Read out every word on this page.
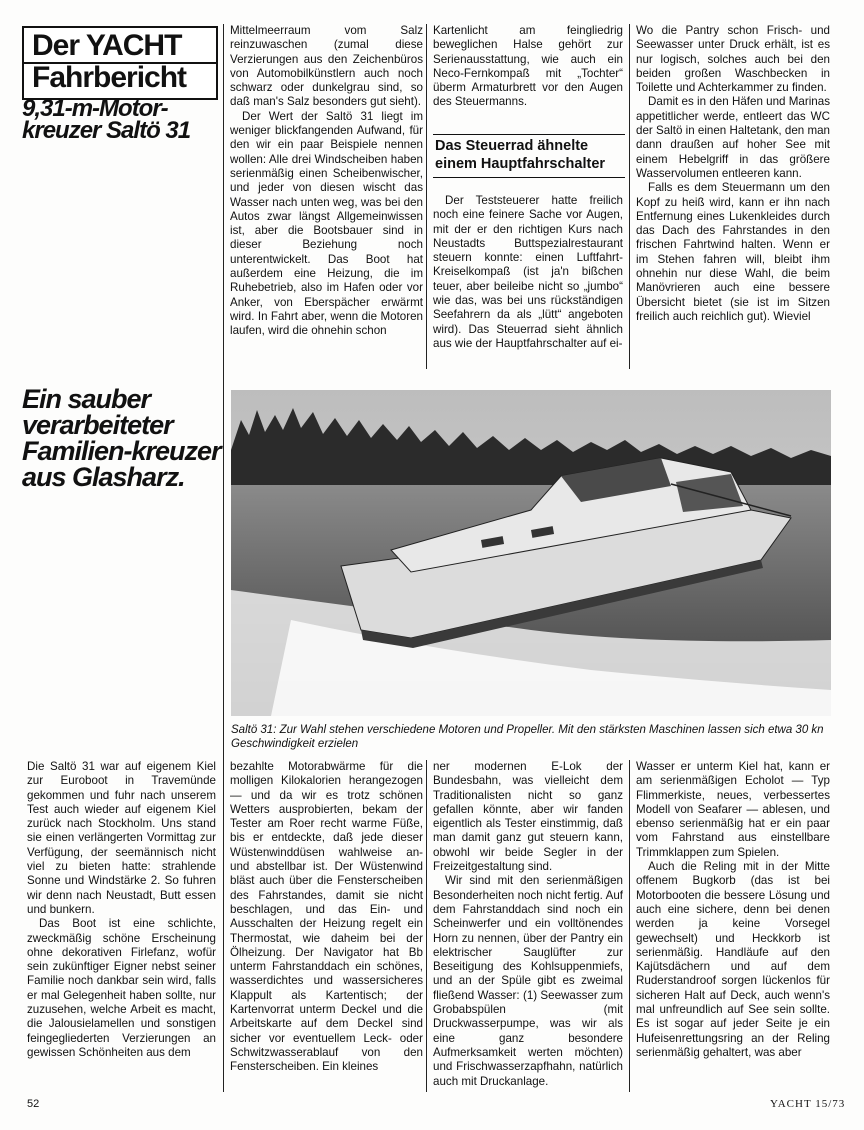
Der YACHT
Fahrbericht
9,31-m-Motor-kreuzer Saltö 31

Mittelmeerraum vom Salz reinzuwaschen (zumal diese Verzierungen aus den Zeichenbüros von Automobilkünstlern auch noch schwarz oder dunkelgrau sind, so daß man's Salz besonders gut sieht).

Der Wert der Saltö 31 liegt im weniger blickfangenden Aufwand, für den wir ein paar Beispiele nennen wollen: Alle drei Windscheiben haben serienmäßig einen Scheibenwischer, und jeder von diesen wischt das Wasser nach unten weg, was bei den Autos zwar längst Allgemeinwissen ist, aber die Bootsbauer sind in dieser Beziehung noch unterentwickelt. Das Boot hat außerdem eine Heizung, die im Ruhebetrieb, also im Hafen oder vor Anker, von Eberspächer erwärmt wird. In Fahrt aber, wenn die Motoren laufen, wird die ohnehin schon

Kartenlicht am feingliedrig beweglichen Halse gehört zur Serienausstattung, wie auch ein Neco-Fernkompaß mit „Tochter“ überm Armaturbrett vor den Augen des Steuermanns.

Das Steuerrad ähnelte einem Hauptfahrschalter

Der Teststeuerer hatte freilich noch eine feinere Sache vor Augen, mit der er den richtigen Kurs nach Neustadts Buttspezialrestaurant steuern konnte: einen Luftfahrt-Kreiselkompaß (ist ja'n bißchen teuer, aber beileibe nicht so „jumbo“ wie das, was bei uns rückständigen Seefahrern da als „lütt“ angeboten wird). Das Steuerrad sieht ähnlich aus wie der Hauptfahrschalter auf ei-

Wo die Pantry schon Frisch- und Seewasser unter Druck erhält, ist es nur logisch, solches auch bei den beiden großen Waschbecken in Toilette und Achterkammer zu finden.

Damit es in den Häfen und Marinas appetitlicher werde, entleert das WC der Saltö in einen Haltetank, den man dann draußen auf hoher See mit einem Hebelgriff in das größere Wasservolumen entleeren kann.

Falls es dem Steuermann um den Kopf zu heiß wird, kann er ihn nach Entfernung eines Lukenkleides durch das Dach des Fahrstandes in den frischen Fahrtwind halten. Wenn er im Stehen fahren will, bleibt ihm ohnehin nur diese Wahl, die beim Manövrieren auch eine bessere Übersicht bietet (sie ist im Sitzen freilich auch reichlich gut). Wieviel

Ein sauber verarbeiteter Familien-kreuzer aus Glasharz.
Saltö 31: Zur Wahl stehen verschiedene Motoren und Propeller. Mit den stärksten Maschinen lassen sich etwa 30 kn Geschwindigkeit erzielen

Die Saltö 31 war auf eigenem Kiel zur Euroboot in Travemünde gekommen und fuhr nach unserem Test auch wieder auf eigenem Kiel zurück nach Stockholm. Uns stand sie einen verlängerten Vormittag zur Verfügung, der seemännisch nicht viel zu bieten hatte: strahlende Sonne und Windstärke 2. So fuhren wir denn nach Neustadt, Butt essen und bunkern.

Das Boot ist eine schlichte, zweckmäßig schöne Erscheinung ohne dekorativen Firlefanz, wofür sein zukünftiger Eigner nebst seiner Familie noch dankbar sein wird, falls er mal Gelegenheit haben sollte, nur zuzusehen, welche Arbeit es macht, die Jalousielamellen und sonstigen feingegliederten Verzierungen an gewissen Schönheiten aus dem

bezahlte Motorabwärme für die molligen Kilokalorien herangezogen — und da wir es trotz schönen Wetters ausprobierten, bekam der Tester am Roer recht warme Füße, bis er entdeckte, daß jede dieser Wüstenwinddüsen wahlweise an- und abstellbar ist. Der Wüstenwind bläst auch über die Fensterscheiben des Fahrstandes, damit sie nicht beschlagen, und das Ein- und Ausschalten der Heizung regelt ein Thermostat, wie daheim bei der Ölheizung. Der Navigator hat Bb unterm Fahrstanddach ein schönes, wasserdichtes und wassersicheres Klappult als Kartentisch; der Kartenvorrat unterm Deckel und die Arbeitskarte auf dem Deckel sind sicher vor eventuellem Leck- oder Schwitzwasserablauf von den Fensterscheiben. Ein kleines

ner modernen E-Lok der Bundesbahn, was vielleicht dem Traditionalisten nicht so ganz gefallen könnte, aber wir fanden eigentlich als Tester einstimmig, daß man damit ganz gut steuern kann, obwohl wir beide Segler in der Freizeitgestaltung sind.

Wir sind mit den serienmäßigen Besonderheiten noch nicht fertig. Auf dem Fahrstanddach sind noch ein Scheinwerfer und ein volltönendes Horn zu nennen, über der Pantry ein elektrischer Sauglüfter zur Beseitigung des Kohlsuppenmiefs, und an der Spüle gibt es zweimal fließend Wasser: (1) Seewasser zum Grobabspülen (mit Druckwasserpumpe, was wir als eine ganz besondere Aufmerksamkeit werten möchten) und Frischwasserzapfhahn, natürlich auch mit Druckanlage.

Wasser er unterm Kiel hat, kann er am serienmäßigen Echolot — Typ Flimmerkiste, neues, verbessertes Modell von Seafarer — ablesen, und ebenso serienmäßig hat er ein paar vom Fahrstand aus einstellbare Trimmklappen zum Spielen.

Auch die Reling mit in der Mitte offenem Bugkorb (das ist bei Motorbooten die bessere Lösung und auch eine sichere, denn bei denen werden ja keine Vorsegel gewechselt) und Heckkorb ist serienmäßig. Handläufe auf den Kajütsdächern und auf dem Ruderstandroof sorgen lückenlos für sicheren Halt auf Deck, auch wenn's mal unfreundlich auf See sein sollte. Es ist sogar auf jeder Seite je ein Hufeisenrettungsring an der Reling serienmäßig gehaltert, was aber

52	YACHT 15/73
